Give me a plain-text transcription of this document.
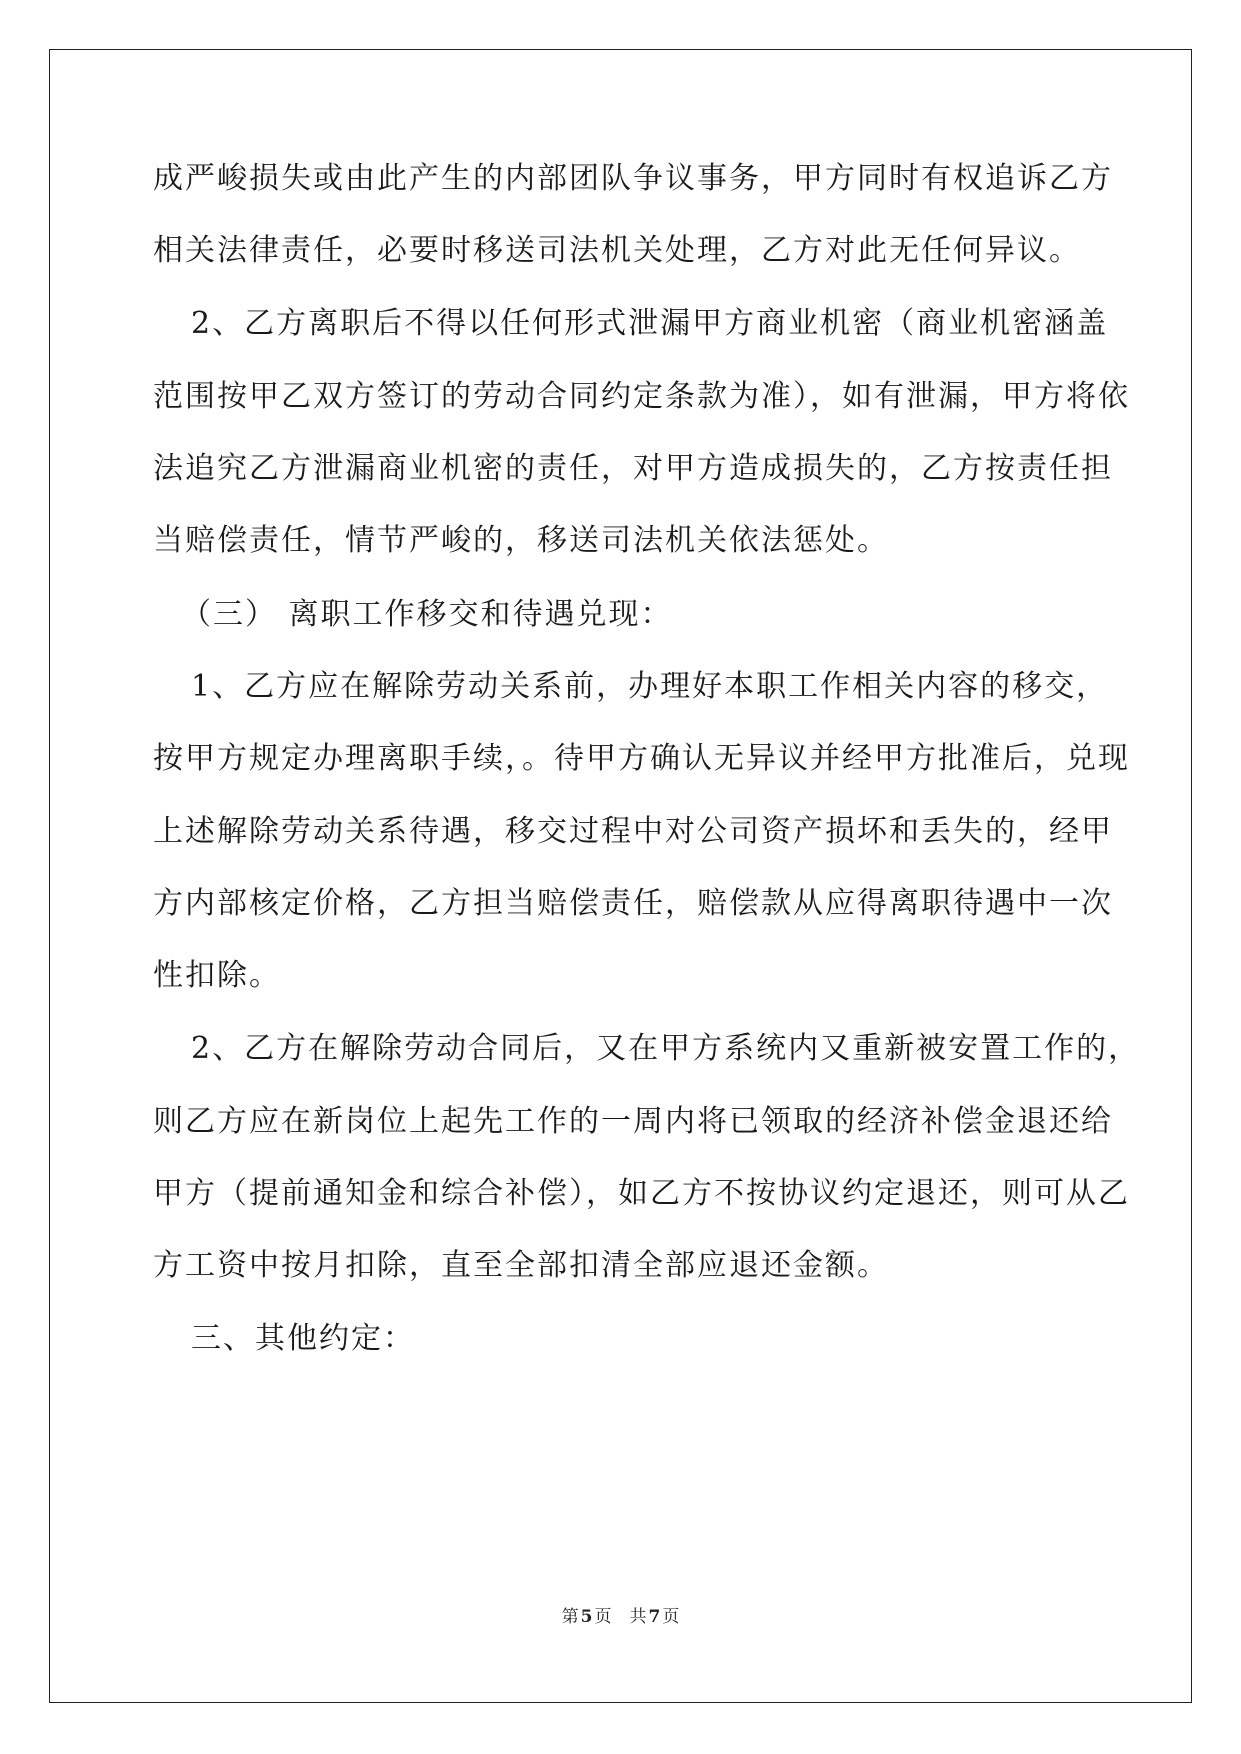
成严峻损失或由此产生的内部团队争议事务，甲方同时有权追诉乙方
相关法律责任，必要时移送司法机关处理，乙方对此无任何异议。
2、乙方离职后不得以任何形式泄漏甲方商业机密（商业机密涵盖
范围按甲乙双方签订的劳动合同约定条款为准），如有泄漏，甲方将依
法追究乙方泄漏商业机密的责任，对甲方造成损失的，乙方按责任担
当赔偿责任，情节严峻的，移送司法机关依法惩处。
（三） 离职工作移交和待遇兑现：
1、乙方应在解除劳动关系前，办理好本职工作相关内容的移交，
按甲方规定办理离职手续，。待甲方确认无异议并经甲方批准后，兑现
上述解除劳动关系待遇，移交过程中对公司资产损坏和丢失的，经甲
方内部核定价格，乙方担当赔偿责任，赔偿款从应得离职待遇中一次
性扣除。
2、乙方在解除劳动合同后，又在甲方系统内又重新被安置工作的，
则乙方应在新岗位上起先工作的一周内将已领取的经济补偿金退还给
甲方（提前通知金和综合补偿），如乙方不按协议约定退还，则可从乙
方工资中按月扣除，直至全部扣清全部应退还金额。
三、其他约定：
第 5 页 共 7 页
